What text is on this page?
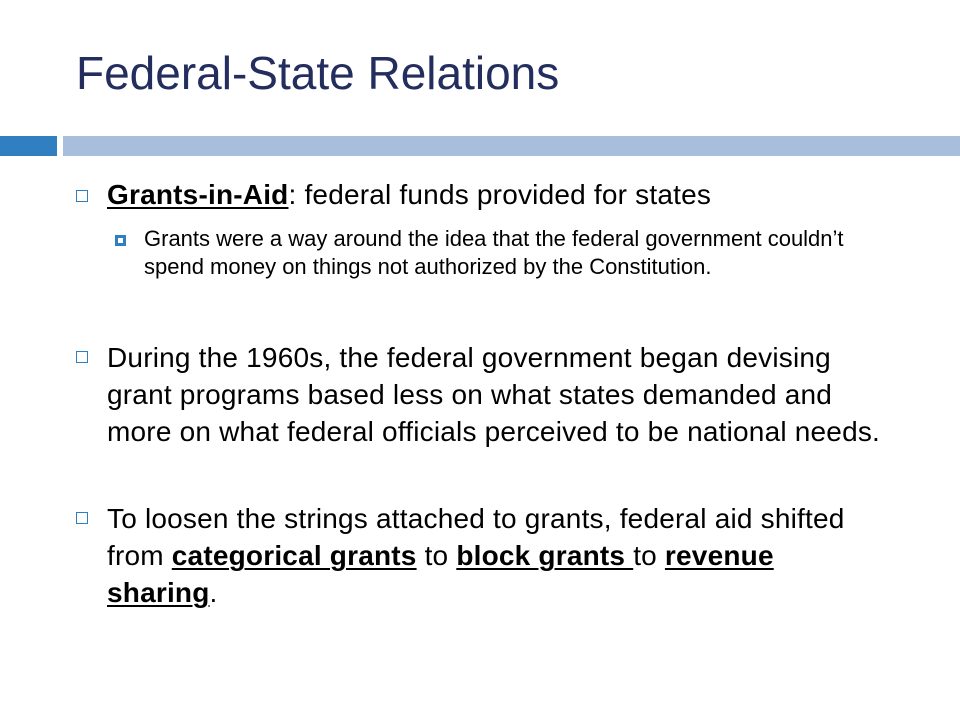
Federal-State Relations
Grants-in-Aid: federal funds provided for states
Grants were a way around the idea that the federal government couldn’t spend money on things not authorized by the Constitution.
During the 1960s, the federal government began devising grant programs based less on what states demanded and more on what federal officials perceived to be national needs.
To loosen the strings attached to grants, federal aid shifted from categorical grants to block grants to revenue sharing.
